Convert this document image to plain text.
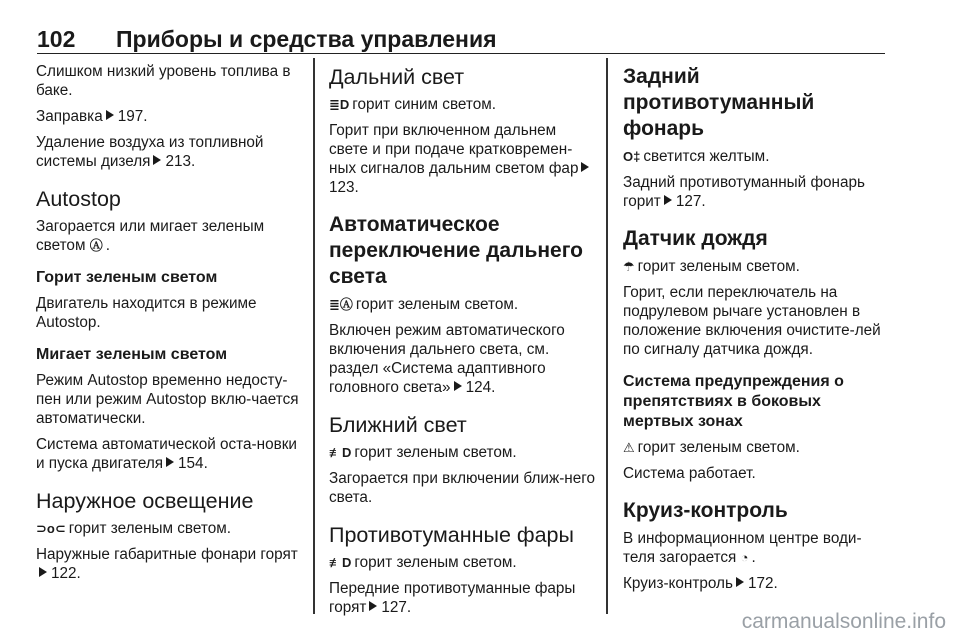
102 Приборы и средства управления

Слишком низкий уровень топлива в баке.

Заправка 197.

Удаление воздуха из топливной системы дизеля 213.

Autostop

Загорается или мигает зеленым светом Ⓐ .

Горит зеленым светом

Двигатель находится в режиме Autostop.

Мигает зеленым светом

Режим Autostop временно недосту-пен или режим Autostop вклю-чается автоматически.

Система автоматической оста-новки и пуска двигателя 154.

Наружное освещение

⊃o⊂ горит зеленым светом.

Наружные габаритные фонари горят122.

Дальний свет

≣D горит синим светом.

Горит при включенном дальнем свете и при подаче кратковремен-ных сигналов дальним светом фар123.

Автоматическое переключение дальнего света

≣Ⓐ горит зеленым светом.

Включен режим автоматического включения дальнего света, см. раздел «Система адаптивного головного света» 124.

Ближний свет

≢D горит зеленым светом.

Загорается при включении ближ-него света.

Противотуманные фары

≢D горит зеленым светом.

Передние противотуманные фары горят 127.

Задний противотуманный фонарь

O‡ светится желтым.

Задний противотуманный фонарь горит 127.

Датчик дождя

☂ горит зеленым светом.

Горит, если переключатель на подрулевом рычаге установлен в положение включения очистите-лей по сигналу датчика дождя.

Система предупреждения о препятствиях в боковых мертвых зонах

⚠ горит зеленым светом.

Система работает.

Круиз-контроль

В информационном центре води-теля загорается ◔ .

Круиз-контроль 172.

carmanualsonline.info
